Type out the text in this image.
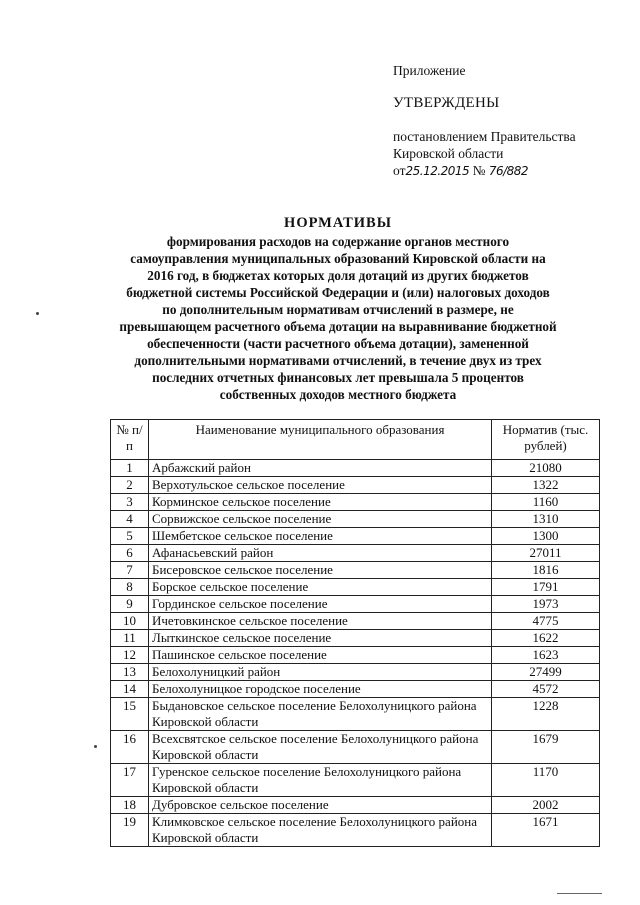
Приложение
УТВЕРЖДЕНЫ
постановлением Правительства
Кировской области
от25.12.2015 № 76/882
НОРМАТИВЫ
формирования расходов на содержание органов местного самоуправления муниципальных образований Кировской области на 2016 год, в бюджетах которых доля дотаций из других бюджетов бюджетной системы Российской Федерации и (или) налоговых доходов по дополнительным нормативам отчислений в размере, не превышающем расчетного объема дотации на выравнивание бюджетной обеспеченности (части расчетного объема дотации), замененной дополнительными нормативами отчислений, в течение двух из трех последних отчетных финансовых лет превышала 5 процентов собственных доходов местного бюджета
№ п/п	Наименование муниципального образования	Норматив (тыс. рублей)
1	Арбажский район	21080
2	Верхотульское сельское поселение	1322
3	Корминское сельское поселение	1160
4	Сорвижское сельское поселение	1310
5	Шембетское сельское поселение	1300
6	Афанасьевский район	27011
7	Бисеровское сельское поселение	1816
8	Борское сельское поселение	1791
9	Гординское сельское поселение	1973
10	Ичетовкинское сельское поселение	4775
11	Лыткинское сельское поселение	1622
12	Пашинское сельское поселение	1623
13	Белохолуницкий район	27499
14	Белохолуницкое городское поселение	4572
15	Быдановское сельское поселение Белохолуницкого района Кировской области	1228
16	Всехсвятское сельское поселение Белохолуницкого района Кировской области	1679
17	Гуренское сельское поселение Белохолуницкого района Кировской области	1170
18	Дубровское сельское поселение	2002
19	Климковское сельское поселение Белохолуницкого района Кировской области	1671
